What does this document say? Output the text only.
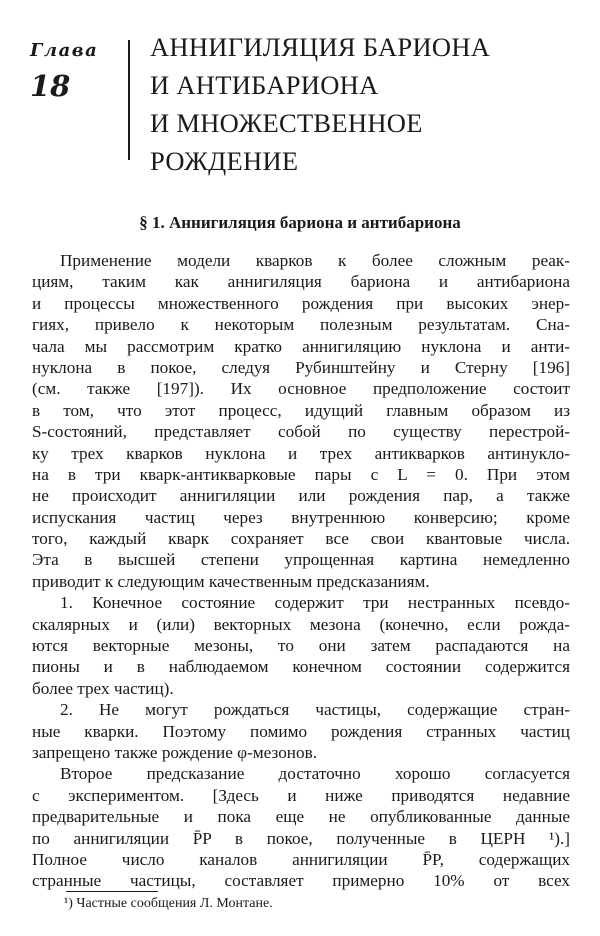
Глава
18
АННИГИЛЯЦИЯ БАРИОНА
И АНТИБАРИОНА
И МНОЖЕСТВЕННОЕ
РОЖДЕНИЕ
§ 1. Аннигиляция бариона и антибариона
Применение модели кварков к более сложным реак-
циям, таким как аннигиляция бариона и антибариона
и процессы множественного рождения при высоких энер-
гиях, привело к некоторым полезным результатам. Сна-
чала мы рассмотрим кратко аннигиляцию нуклона и анти-
нуклона в покое, следуя Рубинштейну и Стерну [196]
(см. также [197]). Их основное предположение состоит
в том, что этот процесс, идущий главным образом из
S-состояний, представляет собой по существу перестрой-
ку трех кварков нуклона и трех антикварков антинукло-
на в три кварк-антикварковые пары с L = 0. При этом
не происходит аннигиляции или рождения пар, а также
испускания частиц через внутреннюю конверсию; кроме
того, каждый кварк сохраняет все свои квантовые числа.
Эта в высшей степени упрощенная картина немедленно
приводит к следующим качественным предсказаниям.
1. Конечное состояние содержит три нестранных псевдо-
скалярных и (или) векторных мезона (конечно, если рожда-
ются векторные мезоны, то они затем распадаются на
пионы и в наблюдаемом конечном состоянии содержится
более трех частиц).
2. Не могут рождаться частицы, содержащие стран-
ные кварки. Поэтому помимо рождения странных частиц
запрещено также рождение φ-мезонов.
Второе предсказание достаточно хорошо согласуется
с экспериментом. [Здесь и ниже приводятся недавние
предварительные и пока еще не опубликованные данные
по аннигиляции P̄P в покое, полученные в ЦЕРН ¹).]
Полное число каналов аннигиляции P̄P, содержащих
странные частицы, составляет примерно 10% от всех
¹) Частные сообщения Л. Монтане.
